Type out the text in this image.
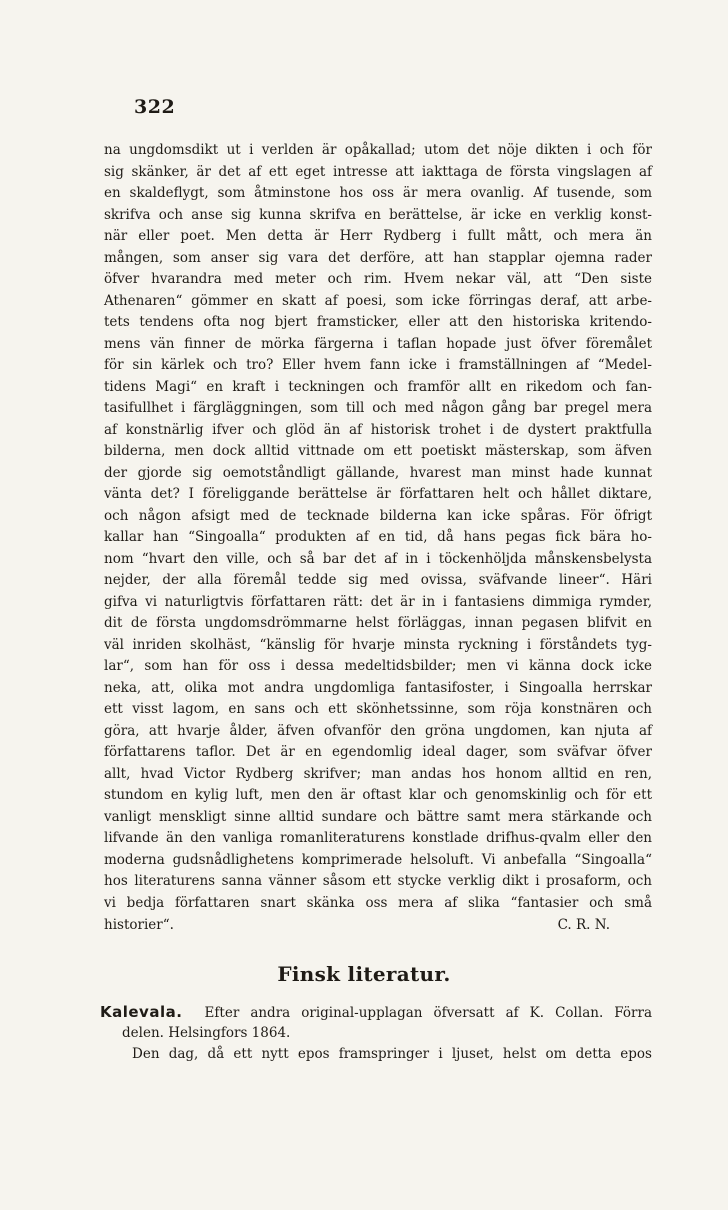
322
na ungdomsdikt ut i verlden är opåkallad; utom det nöje dikten i och för
sig skänker, är det af ett eget intresse att iakttaga de första vingslagen af
en skaldeflygt, som åtminstone hos oss är mera ovanlig. Af tusende, som
skrifva och anse sig kunna skrifva en berättelse, är icke en verklig konst-
när eller poet. Men detta är Herr Rydberg i fullt mått, och mera än
mången, som anser sig vara det derföre, att han stapplar ojemna rader
öfver hvarandra med meter och rim. Hvem nekar väl, att “Den siste
Athenaren“ gömmer en skatt af poesi, som icke förringas deraf, att arbe-
tets tendens ofta nog bjert framsticker, eller att den historiska kritendo-
mens vän finner de mörka färgerna i taflan hopade just öfver föremålet
för sin kärlek och tro? Eller hvem fann icke i framställningen af “Medel-
tidens Magi“ en kraft i teckningen och framför allt en rikedom och fan-
tasifullhet i färgläggningen, som till och med någon gång bar pregel mera
af konstnärlig ifver och glöd än af historisk trohet i de dystert praktfulla
bilderna, men dock alltid vittnade om ett poetiskt mästerskap, som äfven
der gjorde sig oemotståndligt gällande, hvarest man minst hade kunnat
vänta det? I föreliggande berättelse är författaren helt och hållet diktare,
och någon afsigt med de tecknade bilderna kan icke spåras. För öfrigt
kallar han “Singoalla“ produkten af en tid, då hans pegas fick bära ho-
nom “hvart den ville, och så bar det af in i töckenhöljda månskensbelysta
nejder, der alla föremål tedde sig med ovissa, sväfvande lineer“. Häri
gifva vi naturligtvis författaren rätt: det är in i fantasiens dimmiga rymder,
dit de första ungdomsdrömmarne helst förläggas, innan pegasen blifvit en
väl inriden skolhäst, “känslig för hvarje minsta ryckning i förståndets tyg-
lar“, som han för oss i dessa medeltidsbilder; men vi känna dock icke
neka, att, olika mot andra ungdomliga fantasifoster, i Singoalla herrskar
ett visst lagom, en sans och ett skönhetssinne, som röja konstnären och
göra, att hvarje ålder, äfven ofvanför den gröna ungdomen, kan njuta af
författarens taflor. Det är en egendomlig ideal dager, som sväfvar öfver
allt, hvad Victor Rydberg skrifver; man andas hos honom alltid en ren,
stundom en kylig luft, men den är oftast klar och genomskinlig och för ett
vanligt menskligt sinne alltid sundare och bättre samt mera stärkande och
lifvande än den vanliga romanliteraturens konstlade drifhus-qvalm eller den
moderna gudsnådlighetens komprimerade helsoluft. Vi anbefalla “Singoalla“
hos literaturens sanna vänner såsom ett stycke verklig dikt i prosaform, och
vi bedja författaren snart skänka oss mera af slika “fantasier och små
historier“.	C. R. N.
Finsk literatur.
Kalevala. Efter andra original-upplagan öfversatt af K. Collan. Förra
delen. Helsingfors 1864.
Den dag, då ett nytt epos framspringer i ljuset, helst om detta epos
